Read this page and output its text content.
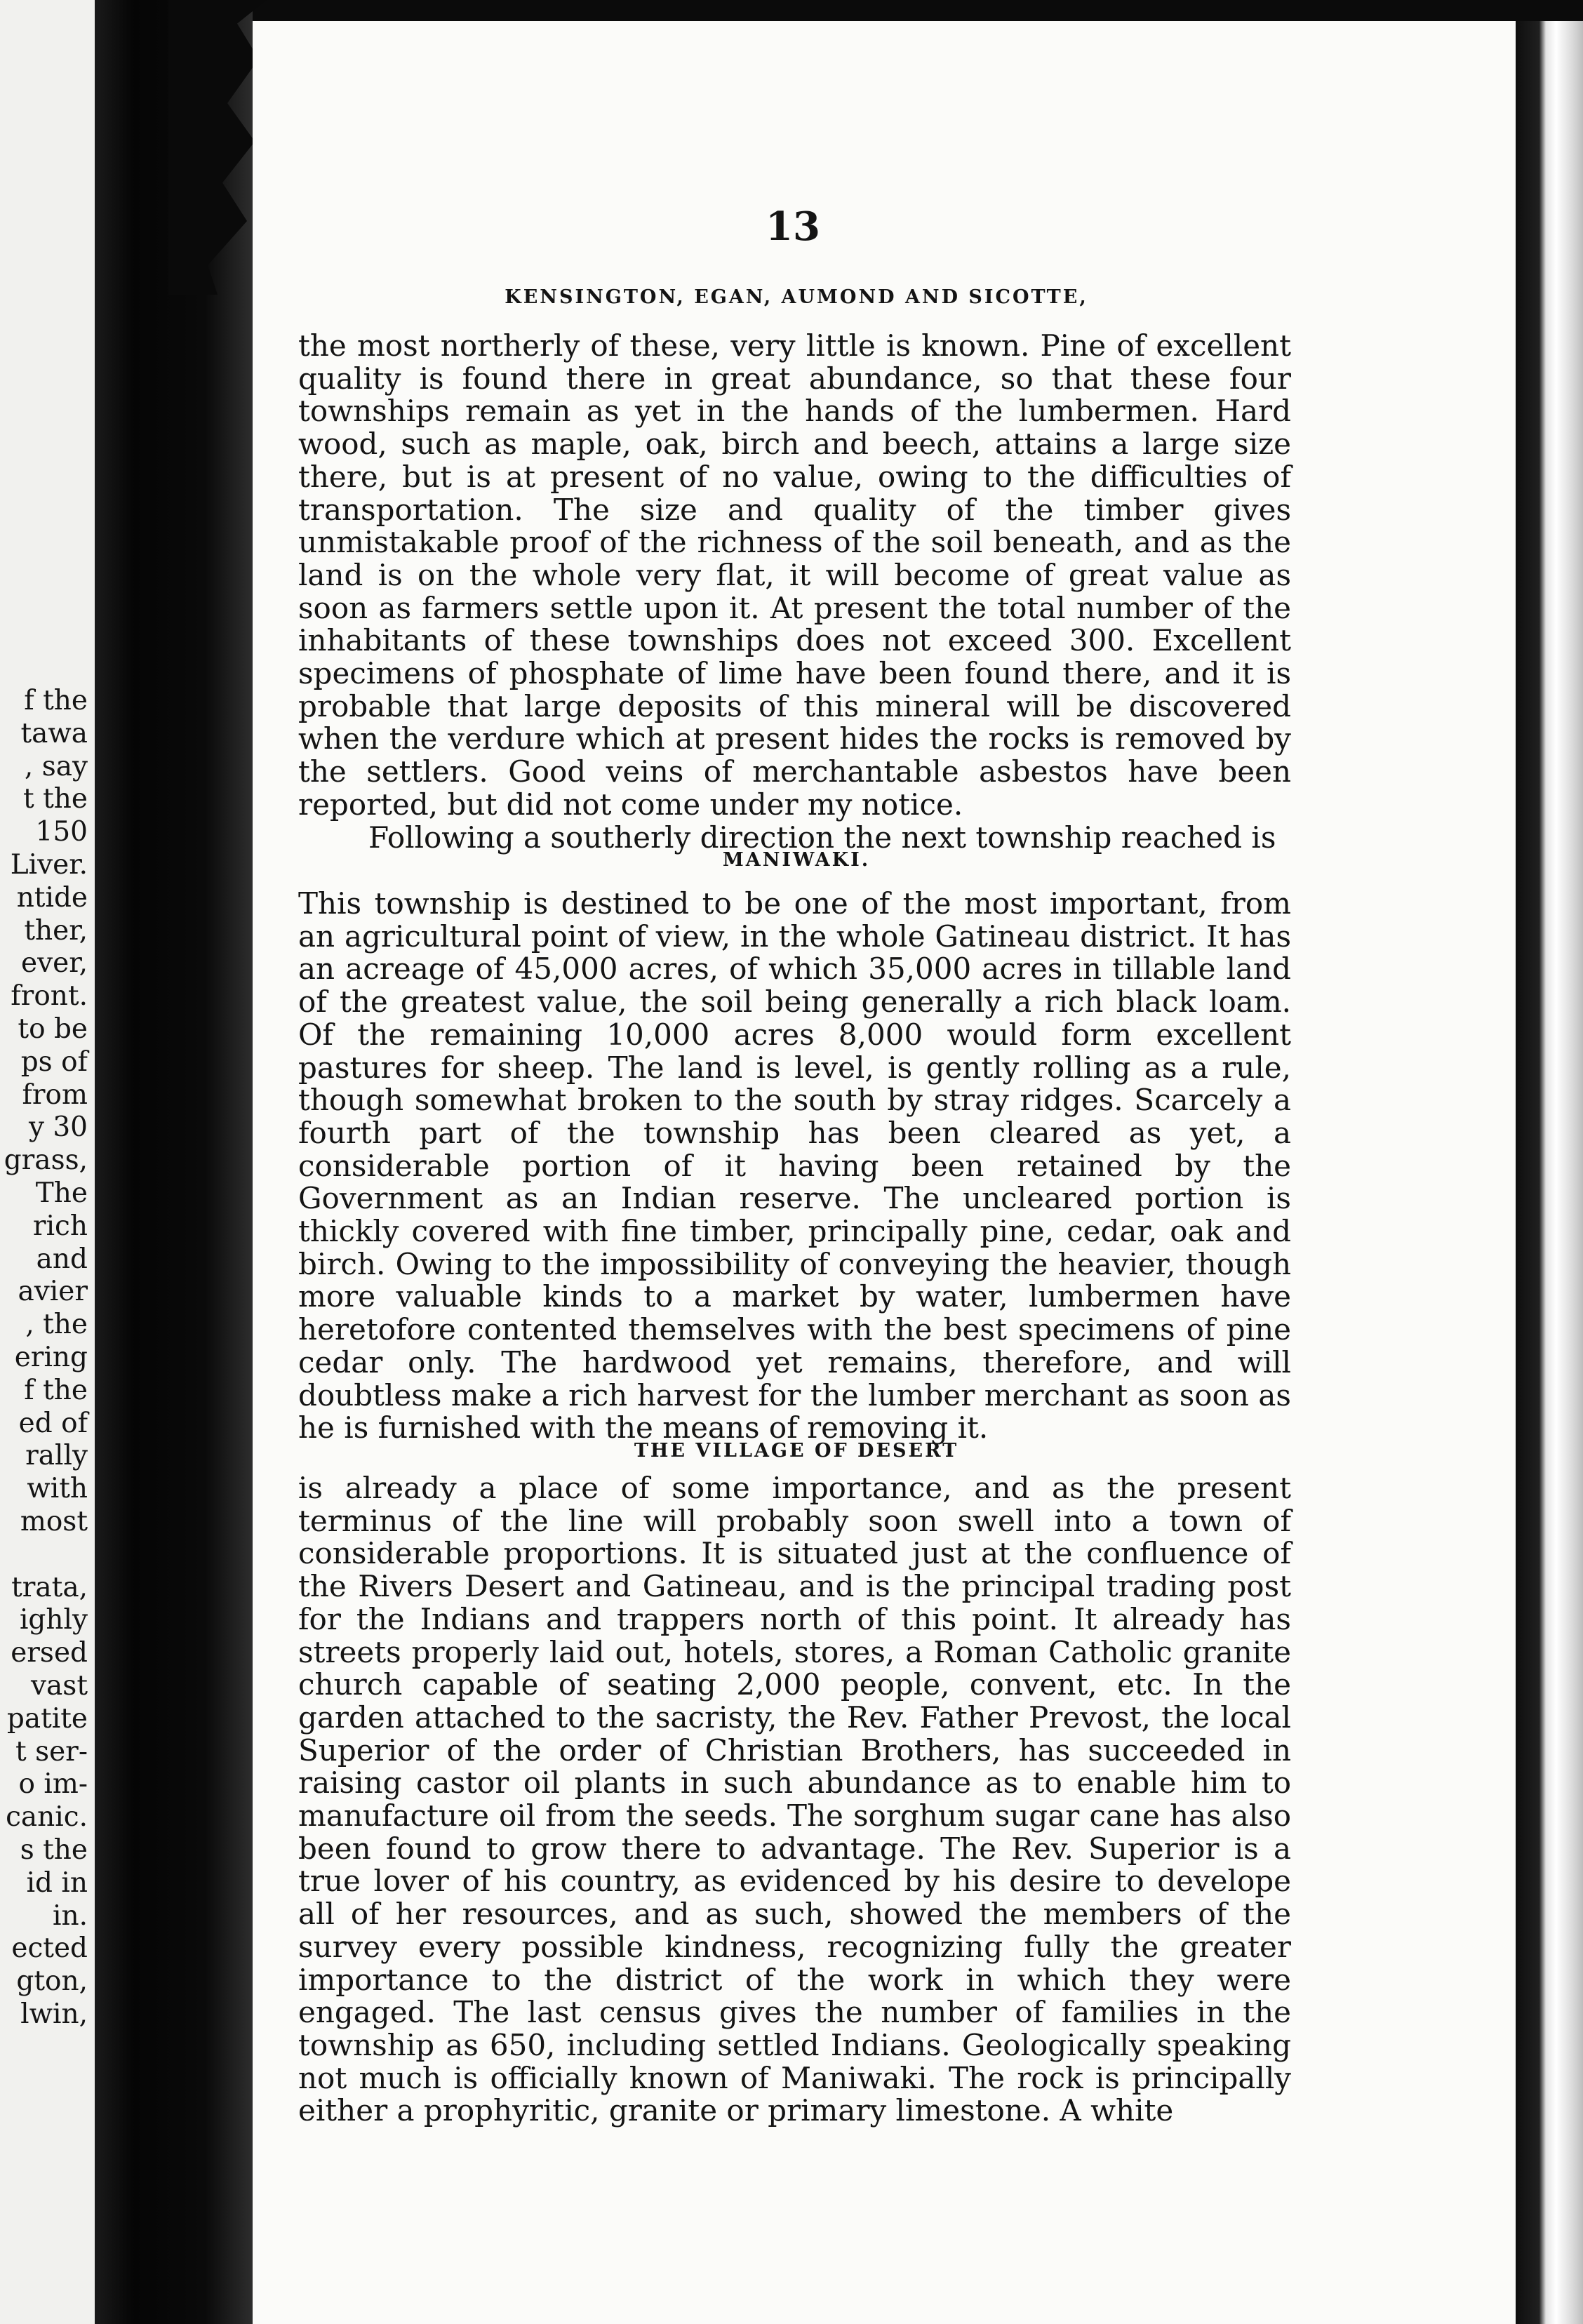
f the
tawa
, say
t the
150
Liver.
ntide
ther,
ever,
front.
to be
ps of
from
y 30
grass,
The
rich
and
avier
, the
ering
f the
ed of
rally
with
most
trata,
ighly
ersed
vast
patite
t ser-
o im-
canic.
s the
id in
in.
ected
gton,
lwin,
13
KENSINGTON, EGAN, AUMOND AND SICOTTE,

the most northerly of these, very little is known. Pine of excellent quality is found there in great abundance, so that these four townships remain as yet in the hands of the lumbermen. Hard wood, such as maple, oak, birch and beech, attains a large size there, but is at present of no value, owing to the difficulties of transportation. The size and quality of the timber gives unmistakable proof of the richness of the soil beneath, and as the land is on the whole very flat, it will become of great value as soon as farmers settle upon it. At present the total number of the inhabitants of these townships does not exceed 300. Excellent specimens of phosphate of lime have been found there, and it is probable that large deposits of this mineral will be discovered when the verdure which at present hides the rocks is removed by the settlers. Good veins of merchantable asbestos have been reported, but did not come under my notice.

Following a southerly direction the next township reached is

MANIWAKI.

This township is destined to be one of the most important, from an agricultural point of view, in the whole Gatineau district. It has an acreage of 45,000 acres, of which 35,000 acres in tillable land of the greatest value, the soil being generally a rich black loam. Of the remaining 10,000 acres 8,000 would form excellent pastures for sheep. The land is level, is gently rolling as a rule, though somewhat broken to the south by stray ridges. Scarcely a fourth part of the township has been cleared as yet, a considerable portion of it having been retained by the Government as an Indian reserve. The uncleared portion is thickly covered with fine timber, principally pine, cedar, oak and birch. Owing to the impossibility of conveying the heavier, though more valuable kinds to a market by water, lumbermen have heretofore contented themselves with the best specimens of pine cedar only. The hardwood yet remains, therefore, and will doubtless make a rich harvest for the lumber merchant as soon as he is furnished with the means of removing it.

THE VILLAGE OF DESERT

is already a place of some importance, and as the present terminus of the line will probably soon swell into a town of considerable proportions. It is situated just at the confluence of the Rivers Desert and Gatineau, and is the principal trading post for the Indians and trappers north of this point. It already has streets properly laid out, hotels, stores, a Roman Catholic granite church capable of seating 2,000 people, convent, etc. In the garden attached to the sacristy, the Rev. Father Prevost, the local Superior of the order of Christian Brothers, has succeeded in raising castor oil plants in such abundance as to enable him to manufacture oil from the seeds. The sorghum sugar cane has also been found to grow there to advantage. The Rev. Superior is a true lover of his country, as evidenced by his desire to develope all of her resources, and as such, showed the members of the survey every possible kindness, recognizing fully the greater importance to the district of the work in which they were engaged. The last census gives the number of families in the township as 650, including settled Indians. Geologically speaking not much is officially known of Maniwaki. The rock is principally either a prophyritic, granite or primary limestone. A white
